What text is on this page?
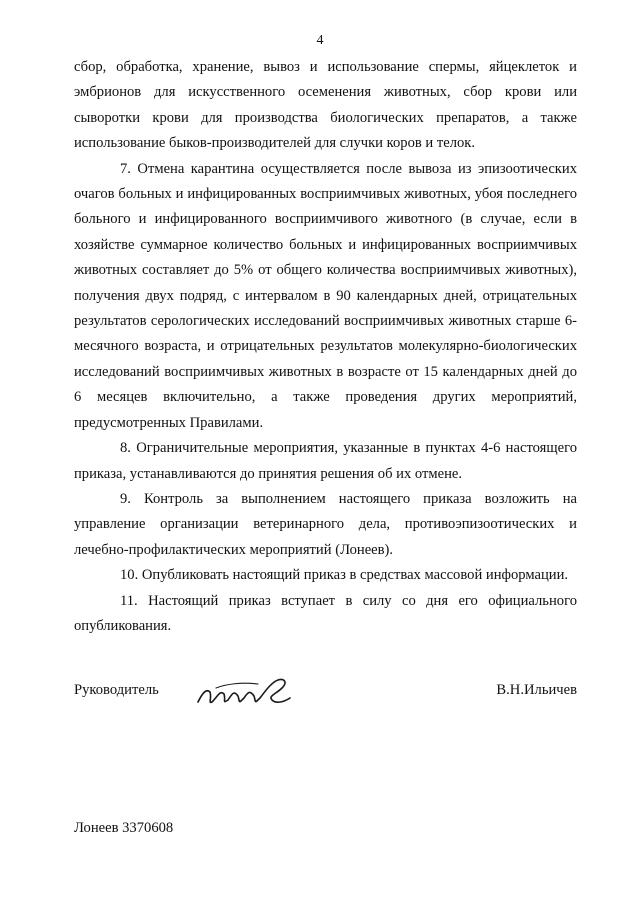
4

сбор, обработка, хранение, вывоз и использование спермы, яйцеклеток и эмбрионов для искусственного осеменения животных, сбор крови или сыворотки крови для производства биологических препаратов, а также использование быков-производителей для случки коров и телок.

7. Отмена карантина осуществляется после вывоза из эпизоотических очагов больных и инфицированных восприимчивых животных, убоя последнего больного и инфицированного восприимчивого животного (в случае, если в хозяйстве суммарное количество больных и инфицированных восприимчивых животных составляет до 5% от общего количества восприимчивых животных), получения двух подряд, с интервалом в 90 календарных дней, отрицательных результатов серологических исследований восприимчивых животных старше 6-месячного возраста, и отрицательных результатов молекулярно-биологических исследований восприимчивых животных в возрасте от 15 календарных дней до 6 месяцев включительно, а также проведения других мероприятий, предусмотренных Правилами.

8. Ограничительные мероприятия, указанные в пунктах 4-6 настоящего приказа, устанавливаются до принятия решения об их отмене.

9. Контроль за выполнением настоящего приказа возложить на управление организации ветеринарного дела, противоэпизоотических и лечебно-профилактических мероприятий (Лонеев).

10. Опубликовать настоящий приказ в средствах массовой информации.

11. Настоящий приказ вступает в силу со дня его официального опубликования.

Руководитель	В.Н.Ильичев
Лонеев 3370608
